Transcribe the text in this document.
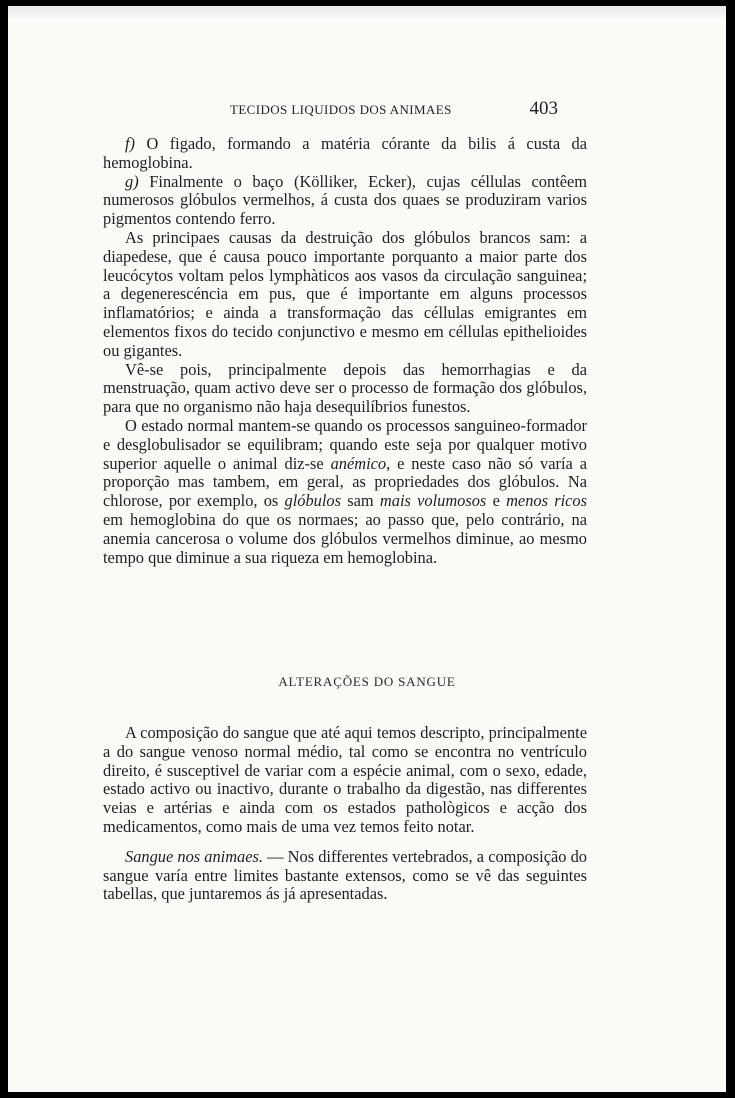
TECIDOS LIQUIDOS DOS ANIMAES	403

f) O figado, formando a matéria córante da bilis á custa da hemoglobina.

g) Finalmente o baço (Kölliker, Ecker), cujas céllulas contêem numerosos glóbulos vermelhos, á custa dos quaes se produziram varios pigmentos contendo ferro.

As principaes causas da destruição dos glóbulos brancos sam: a diapedese, que é causa pouco importante porquanto a maior parte dos leucócytos voltam pelos lymphàticos aos vasos da circulação sanguinea; a degenerescéncia em pus, que é importante em alguns processos inflamatórios; e ainda a transformação das céllulas emigrantes em elementos fixos do tecido conjunctivo e mesmo em céllulas epithelioides ou gigantes.

Vê-se pois, principalmente depois das hemorrhagias e da menstruação, quam activo deve ser o processo de formação dos glóbulos, para que no organismo não haja desequilíbrios funestos.

O estado normal mantem-se quando os processos sanguineo-formador e desglobulisador se equilibram; quando este seja por qualquer motivo superior aquelle o animal diz-se anémico, e neste caso não só varía a proporção mas tambem, em geral, as propriedades dos glóbulos. Na chlorose, por exemplo, os glóbulos sam mais volumosos e menos ricos em hemoglobina do que os normaes; ao passo que, pelo contrário, na anemia cancerosa o volume dos glóbulos vermelhos diminue, ao mesmo tempo que diminue a sua riqueza em hemoglobina.

ALTERAÇÕES DO SANGUE

A composição do sangue que até aqui temos descripto, principalmente a do sangue venoso normal médio, tal como se encontra no ventrículo direito, é susceptivel de variar com a espécie animal, com o sexo, edade, estado activo ou inactivo, durante o trabalho da digestão, nas differentes veias e artérias e ainda com os estados pathològicos e acção dos medicamentos, como mais de uma vez temos feito notar.

Sangue nos animaes. — Nos differentes vertebrados, a composição do sangue varía entre limites bastante extensos, como se vê das seguintes tabellas, que juntaremos ás já apresentadas.
